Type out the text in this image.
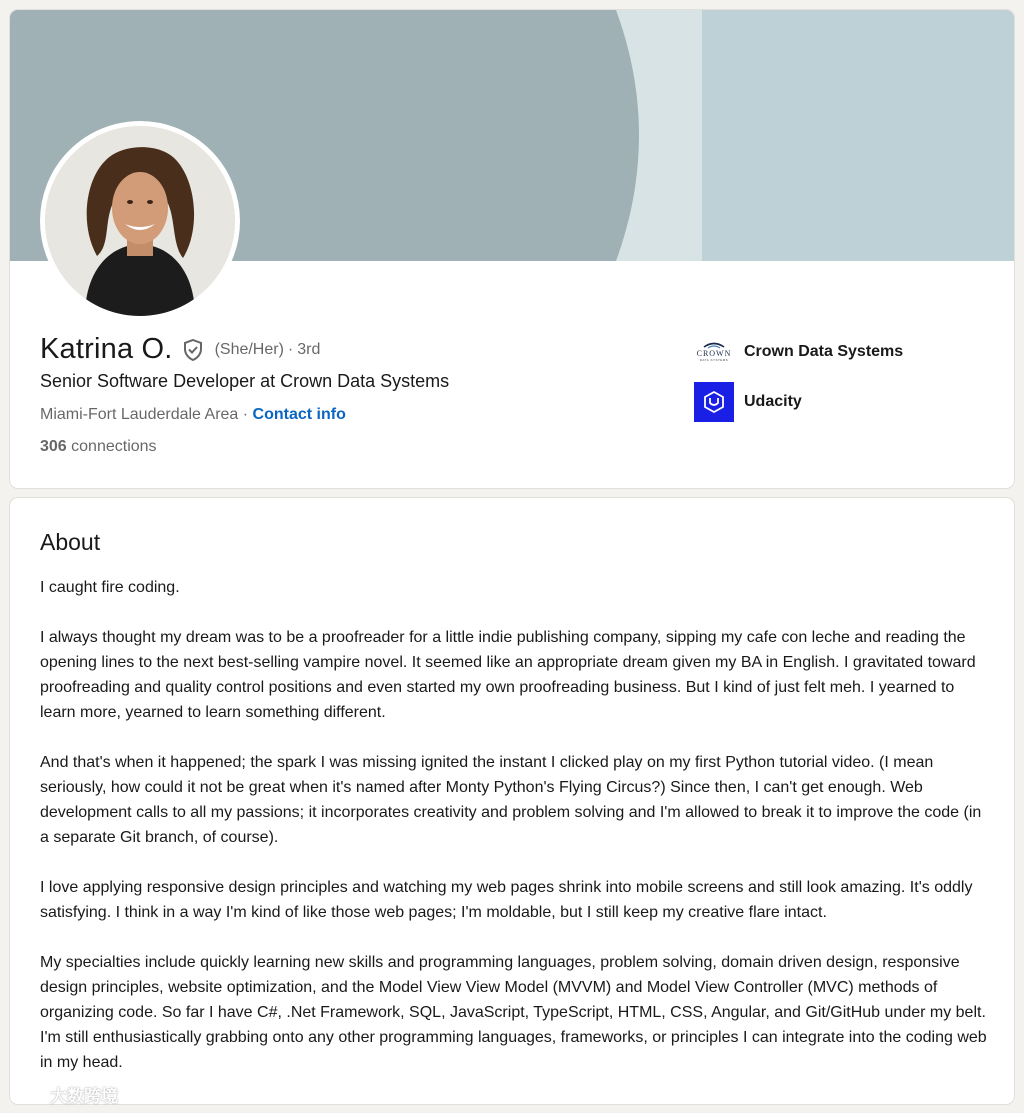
Katrina O.	(She/Her) · 3rd
Senior Software Developer at Crown Data Systems
Miami-Fort Lauderdale Area · Contact info
306 connections
CROWN
DATA SYSTEMS Crown Data Systems
Udacity
About

I caught fire coding.

I always thought my dream was to be a proofreader for a little indie publishing company, sipping my cafe con leche and reading the opening lines to the next best-selling vampire novel. It seemed like an appropriate dream given my BA in English. I gravitated toward proofreading and quality control positions and even started my own proofreading business. But I kind of just felt meh. I yearned to learn more, yearned to learn something different.

And that's when it happened; the spark I was missing ignited the instant I clicked play on my first Python tutorial video. (I mean seriously, how could it not be great when it's named after Monty Python's Flying Circus?) Since then, I can't get enough. Web development calls to all my passions; it incorporates creativity and problem solving and I'm allowed to break it to improve the code (in a separate Git branch, of course).

I love applying responsive design principles and watching my web pages shrink into mobile screens and still look amazing. It's oddly satisfying. I think in a way I'm kind of like those web pages; I'm moldable, but I still keep my creative flare intact.

My specialties include quickly learning new skills and programming languages, problem solving, domain driven design, responsive design principles, website optimization, and the Model View View Model (MVVM) and Model View Controller (MVC) methods of organizing code. So far I have C#, .Net Framework, SQL, JavaScript, TypeScript, HTML, CSS, Angular, and Git/GitHub under my belt. I'm still enthusiastically grabbing onto any other programming languages, frameworks, or principles I can integrate into the coding web in my head.

大数跨境
